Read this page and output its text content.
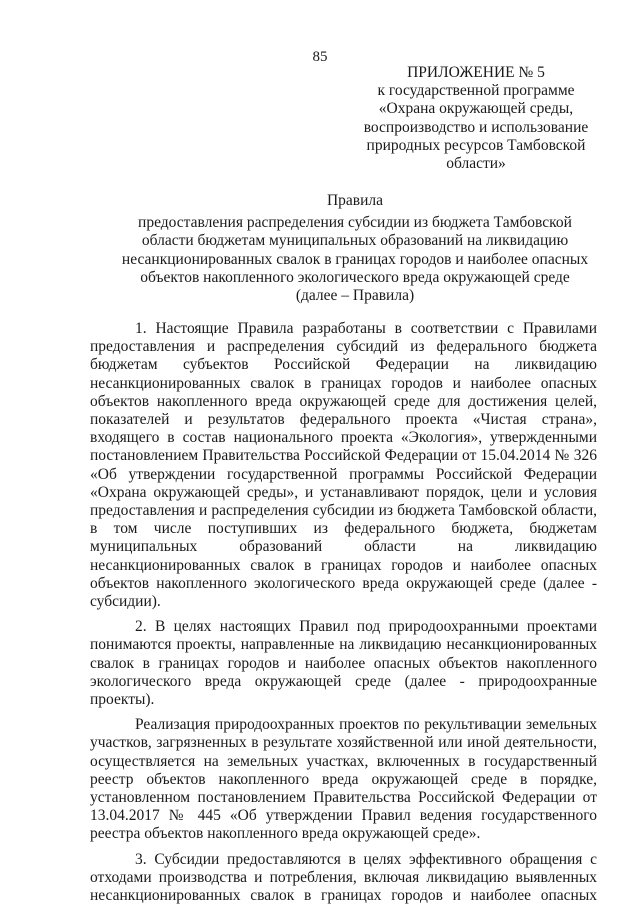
85
ПРИЛОЖЕНИЕ № 5
к государственной программе
«Охрана окружающей среды,
воспроизводство и использование
природных ресурсов Тамбовской
области»
Правила
предоставления распределения субсидии из бюджета Тамбовской
области бюджетам муниципальных образований на ликвидацию
несанкционированных свалок в границах городов и наиболее опасных
объектов накопленного экологического вреда окружающей среде
(далее – Правила)

1. Настоящие Правила разработаны в соответствии с Правилами предоставления и распределения субсидий из федерального бюджета бюджетам субъектов Российской Федерации на ликвидацию несанкционированных свалок в границах городов и наиболее опасных объектов накопленного вреда окружающей среде для достижения целей, показателей и результатов федерального проекта «Чистая страна», входящего в состав национального проекта «Экология», утвержденными постановлением Правительства Российской Федерации от 15.04.2014 № 326 «Об утверждении государственной программы Российской Федерации «Охрана окружающей среды», и устанавливают порядок, цели и условия предоставления и распределения субсидии из бюджета Тамбовской области, в том числе поступивших из федерального бюджета, бюджетам муниципальных образований области на ликвидацию несанкционированных свалок в границах городов и наиболее опасных объектов накопленного экологического вреда окружающей среде (далее - субсидии).

2. В целях настоящих Правил под природоохранными проектами понимаются проекты, направленные на ликвидацию несанкционированных свалок в границах городов и наиболее опасных объектов накопленного экологического вреда окружающей среде (далее - природоохранные проекты).

Реализация природоохранных проектов по рекультивации земельных участков, загрязненных в результате хозяйственной или иной деятельности, осуществляется на земельных участках, включенных в государственный реестр объектов накопленного вреда окружающей среде в порядке, установленном постановлением Правительства Российской Федерации от 13.04.2017 № 445 «Об утверждении Правил ведения государственного реестра объектов накопленного вреда окружающей среде».

3. Субсидии предоставляются в целях эффективного обращения с отходами производства и потребления, включая ликвидацию выявленных несанкционированных свалок в границах городов и наиболее опасных
